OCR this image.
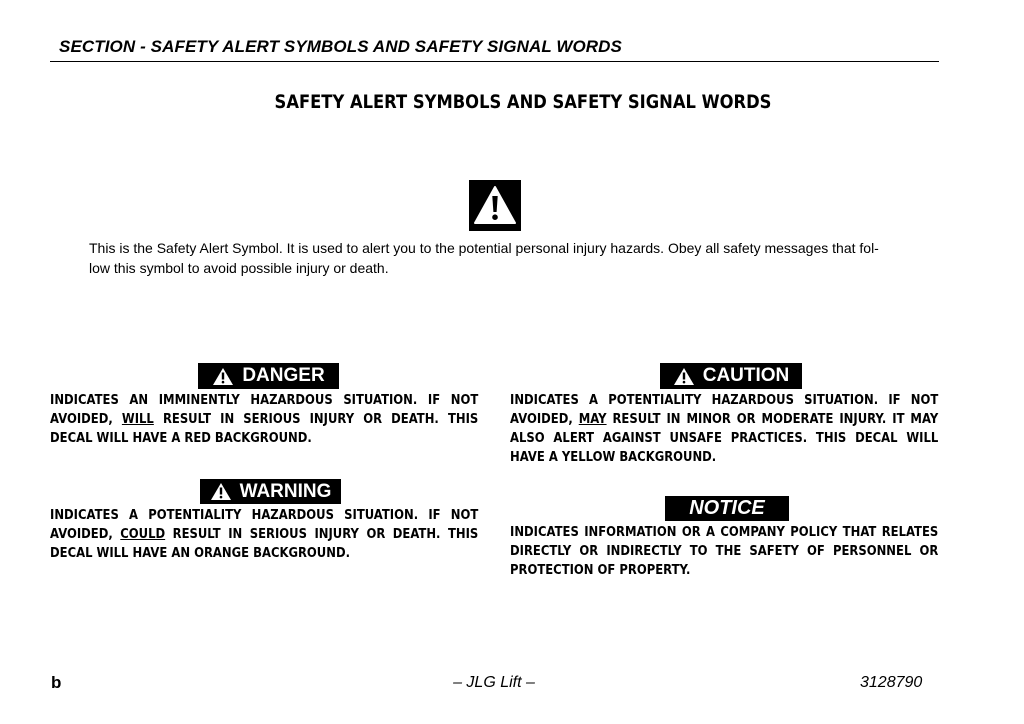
SECTION - SAFETY ALERT SYMBOLS AND SAFETY SIGNAL WORDS
SAFETY ALERT SYMBOLS AND SAFETY SIGNAL WORDS
This is the Safety Alert Symbol. It is used to alert you to the potential personal injury hazards. Obey all safety messages that fol-
low this symbol to avoid possible injury or death.
DANGER
INDICATES AN IMMINENTLY HAZARDOUS SITUATION. IF NOT
AVOIDED, WILL RESULT IN SERIOUS INJURY OR DEATH. THIS
DECAL WILL HAVE A RED BACKGROUND.
WARNING
INDICATES A POTENTIALITY HAZARDOUS SITUATION. IF NOT
AVOIDED, COULD RESULT IN SERIOUS INJURY OR DEATH. THIS
DECAL WILL HAVE AN ORANGE BACKGROUND.
CAUTION
INDICATES A POTENTIALITY HAZARDOUS SITUATION. IF NOT
AVOIDED, MAY RESULT IN MINOR OR MODERATE INJURY. IT MAY
ALSO ALERT AGAINST UNSAFE PRACTICES. THIS DECAL WILL
HAVE A YELLOW BACKGROUND.
NOTICE
INDICATES INFORMATION OR A COMPANY POLICY THAT RELATES
DIRECTLY OR INDIRECTLY TO THE SAFETY OF PERSONNEL OR
PROTECTION OF PROPERTY.
b	– JLG Lift –	3128790
